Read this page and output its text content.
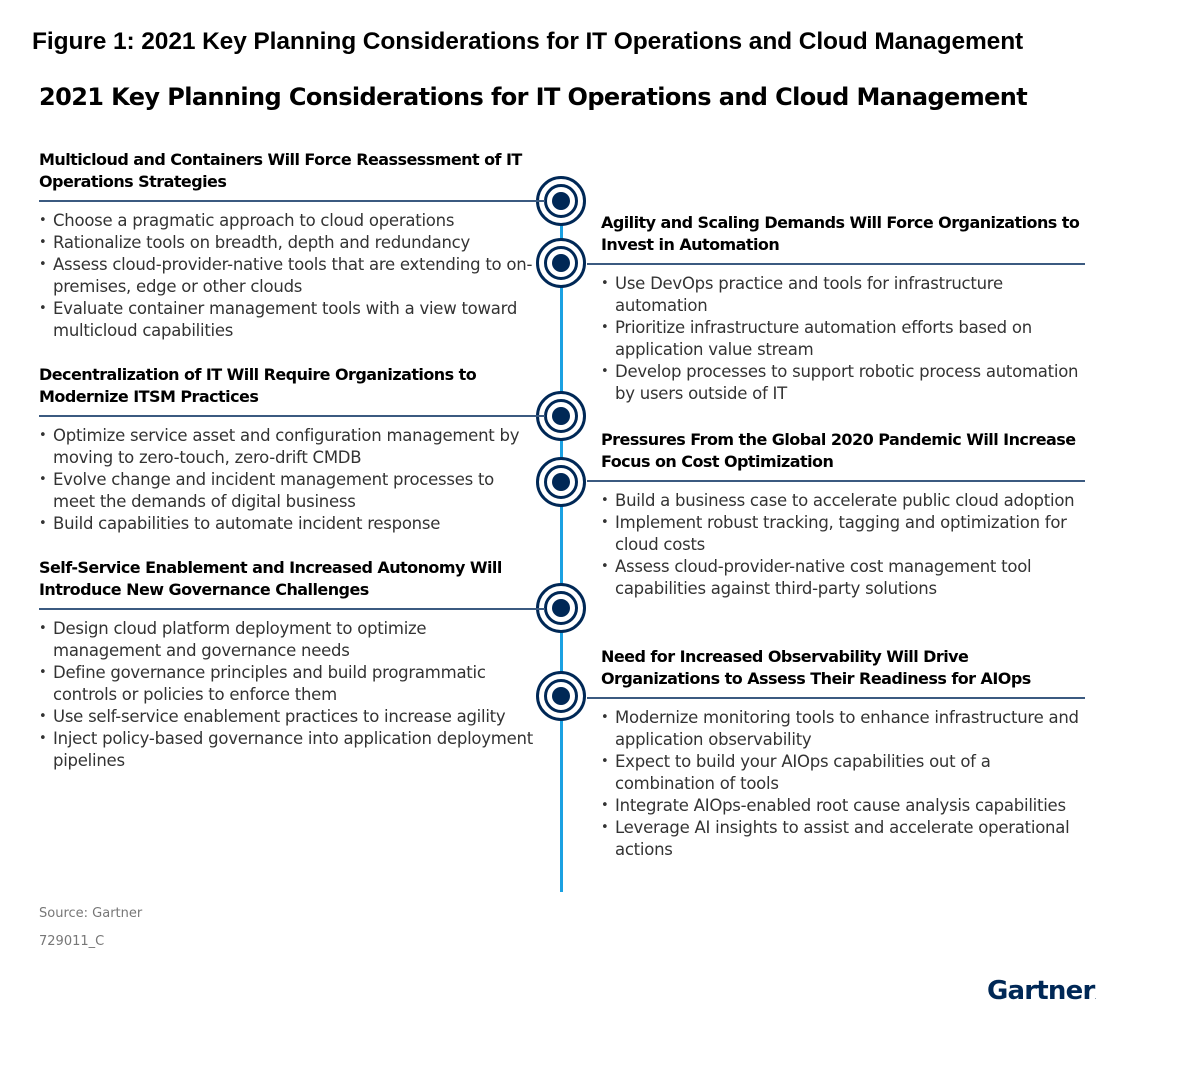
Figure 1: 2021 Key Planning Considerations for IT Operations and Cloud Management
2021 Key Planning Considerations for IT Operations and Cloud Management
Multicloud and Containers Will Force Reassessment of IT Operations Strategies
• Choose a pragmatic approach to cloud operations
• Rationalize tools on breadth, depth and redundancy
• Assess cloud-provider-native tools that are extending to on-premises, edge or other clouds
• Evaluate container management tools with a view toward multicloud capabilities
Decentralization of IT Will Require Organizations to Modernize ITSM Practices
• Optimize service asset and configuration management by moving to zero-touch, zero-drift CMDB
• Evolve change and incident management processes to meet the demands of digital business
• Build capabilities to automate incident response
Self-Service Enablement and Increased Autonomy Will Introduce New Governance Challenges
• Design cloud platform deployment to optimize management and governance needs
• Define governance principles and build programmatic controls or policies to enforce them
• Use self-service enablement practices to increase agility
• Inject policy-based governance into application deployment pipelines
Agility and Scaling Demands Will Force Organizations to Invest in Automation
• Use DevOps practice and tools for infrastructure automation
• Prioritize infrastructure automation efforts based on application value stream
• Develop processes to support robotic process automation by users outside of IT
Pressures From the Global 2020 Pandemic Will Increase Focus on Cost Optimization
• Build a business case to accelerate public cloud adoption
• Implement robust tracking, tagging and optimization for cloud costs
• Assess cloud-provider-native cost management tool capabilities against third-party solutions
Need for Increased Observability Will Drive Organizations to Assess Their Readiness for AIOps
• Modernize monitoring tools to enhance infrastructure and application observability
• Expect to build your AIOps capabilities out of a combination of tools
• Integrate AIOps-enabled root cause analysis capabilities
• Leverage AI insights to assist and accelerate operational actions
Source: Gartner
729011_C
Gartner.
